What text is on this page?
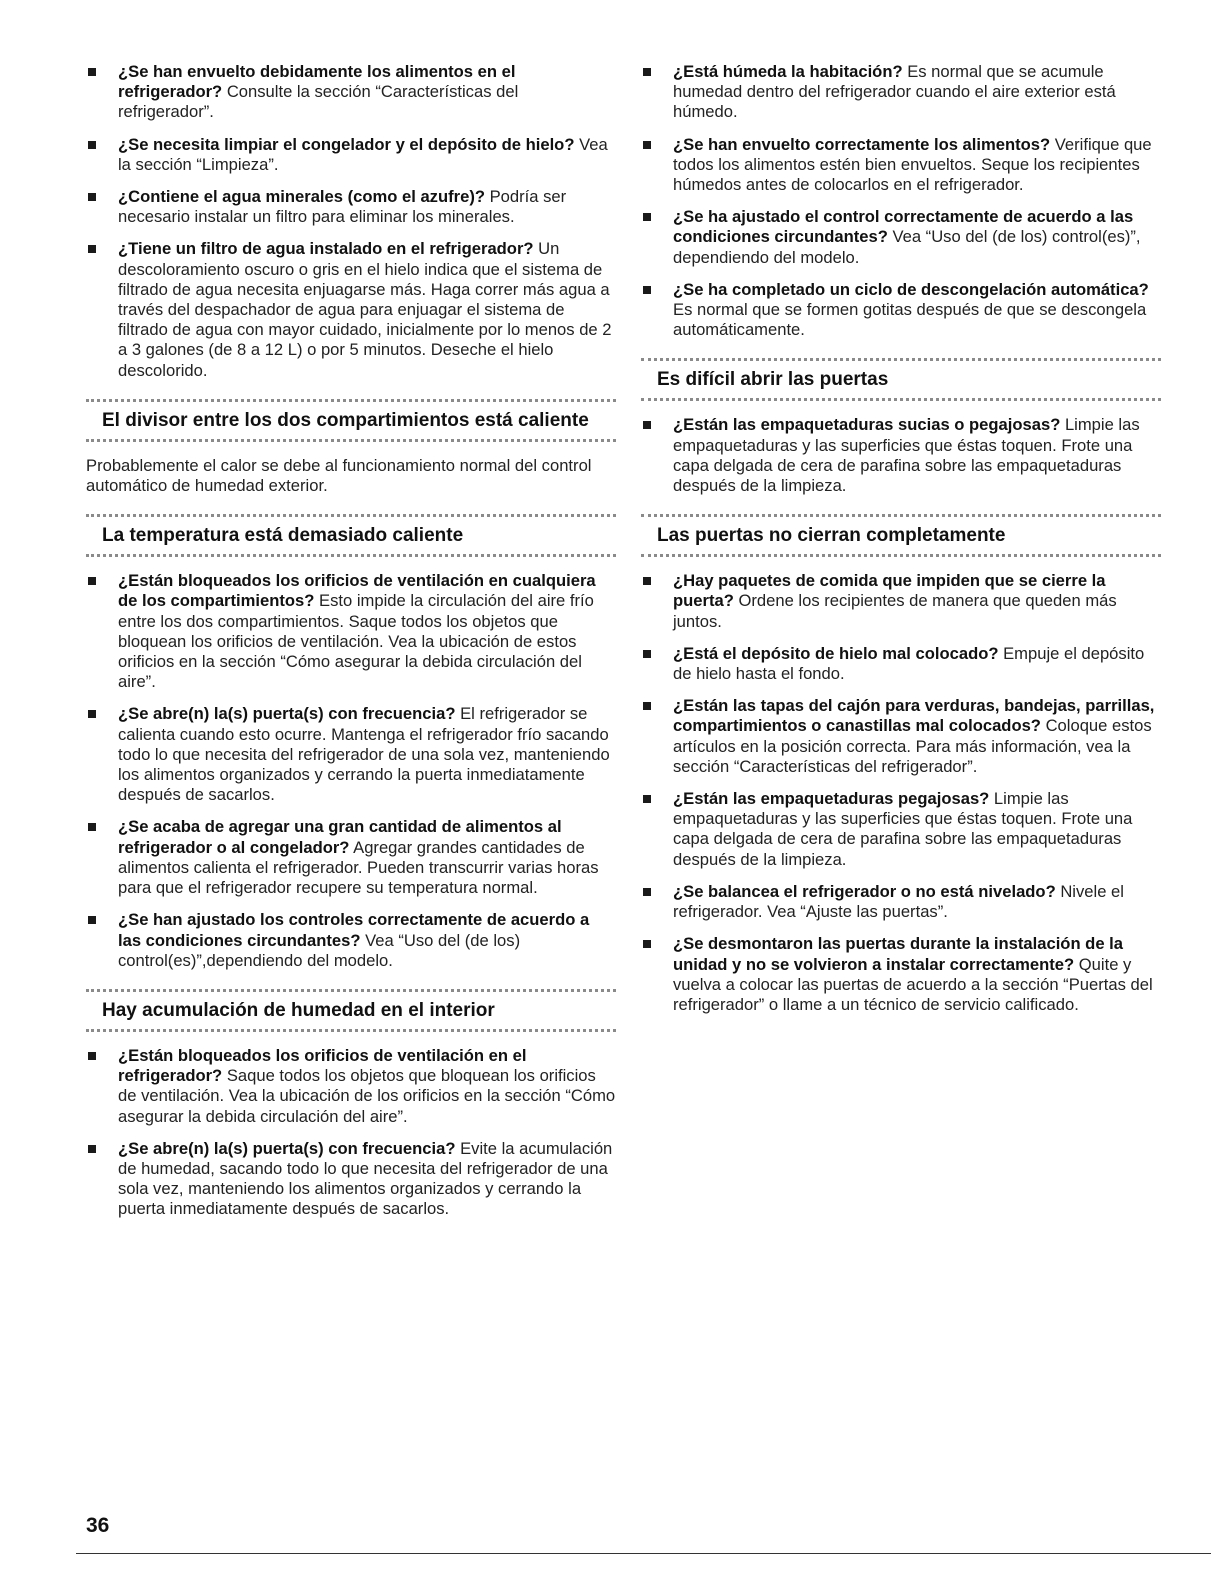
¿Se han envuelto debidamente los alimentos en el refrigerador? Consulte la sección “Características del refrigerador”.
¿Se necesita limpiar el congelador y el depósito de hielo? Vea la sección “Limpieza”.
¿Contiene el agua minerales (como el azufre)? Podría ser necesario instalar un filtro para eliminar los minerales.
¿Tiene un filtro de agua instalado en el refrigerador? Un descoloramiento oscuro o gris en el hielo indica que el sistema de filtrado de agua necesita enjuagarse más. Haga correr más agua a través del despachador de agua para enjuagar el sistema de filtrado de agua con mayor cuidado, inicialmente por lo menos de 2 a 3 galones (de 8 a 12 L) o por 5 minutos. Deseche el hielo descolorido.
El divisor entre los dos compartimientos está caliente
Probablemente el calor se debe al funcionamiento normal del control automático de humedad exterior.
La temperatura está demasiado caliente
¿Están bloqueados los orificios de ventilación en cualquiera de los compartimientos? Esto impide la circulación del aire frío entre los dos compartimientos. Saque todos los objetos que bloquean los orificios de ventilación. Vea la ubicación de estos orificios en la sección “Cómo asegurar la debida circulación del aire”.
¿Se abre(n) la(s) puerta(s) con frecuencia? El refrigerador se calienta cuando esto ocurre. Mantenga el refrigerador frío sacando todo lo que necesita del refrigerador de una sola vez, manteniendo los alimentos organizados y cerrando la puerta inmediatamente después de sacarlos.
¿Se acaba de agregar una gran cantidad de alimentos al refrigerador o al congelador? Agregar grandes cantidades de alimentos calienta el refrigerador. Pueden transcurrir varias horas para que el refrigerador recupere su temperatura normal.
¿Se han ajustado los controles correctamente de acuerdo a las condiciones circundantes? Vea “Uso del (de los) control(es)”,dependiendo del modelo.
Hay acumulación de humedad en el interior
¿Están bloqueados los orificios de ventilación en el refrigerador? Saque todos los objetos que bloquean los orificios de ventilación. Vea la ubicación de los orificios en la sección “Cómo asegurar la debida circulación del aire”.
¿Se abre(n) la(s) puerta(s) con frecuencia? Evite la acumulación de humedad, sacando todo lo que necesita del refrigerador de una sola vez, manteniendo los alimentos organizados y cerrando la puerta inmediatamente después de sacarlos.
¿Está húmeda la habitación? Es normal que se acumule humedad dentro del refrigerador cuando el aire exterior está húmedo.
¿Se han envuelto correctamente los alimentos? Verifique que todos los alimentos estén bien envueltos. Seque los recipientes húmedos antes de colocarlos en el refrigerador.
¿Se ha ajustado el control correctamente de acuerdo a las condiciones circundantes? Vea “Uso del (de los) control(es)”, dependiendo del modelo.
¿Se ha completado un ciclo de descongelación automática? Es normal que se formen gotitas después de que se descongela automáticamente.
Es difícil abrir las puertas
¿Están las empaquetaduras sucias o pegajosas? Limpie las empaquetaduras y las superficies que éstas toquen. Frote una capa delgada de cera de parafina sobre las empaquetaduras después de la limpieza.
Las puertas no cierran completamente
¿Hay paquetes de comida que impiden que se cierre la puerta? Ordene los recipientes de manera que queden más juntos.
¿Está el depósito de hielo mal colocado? Empuje el depósito de hielo hasta el fondo.
¿Están las tapas del cajón para verduras, bandejas, parrillas, compartimientos o canastillas mal colocados? Coloque estos artículos en la posición correcta. Para más información, vea la sección “Características del refrigerador”.
¿Están las empaquetaduras pegajosas? Limpie las empaquetaduras y las superficies que éstas toquen. Frote una capa delgada de cera de parafina sobre las empaquetaduras después de la limpieza.
¿Se balancea el refrigerador o no está nivelado? Nivele el refrigerador. Vea “Ajuste las puertas”.
¿Se desmontaron las puertas durante la instalación de la unidad y no se volvieron a instalar correctamente? Quite y vuelva a colocar las puertas de acuerdo a la sección “Puertas del refrigerador” o llame a un técnico de servicio calificado.
36
